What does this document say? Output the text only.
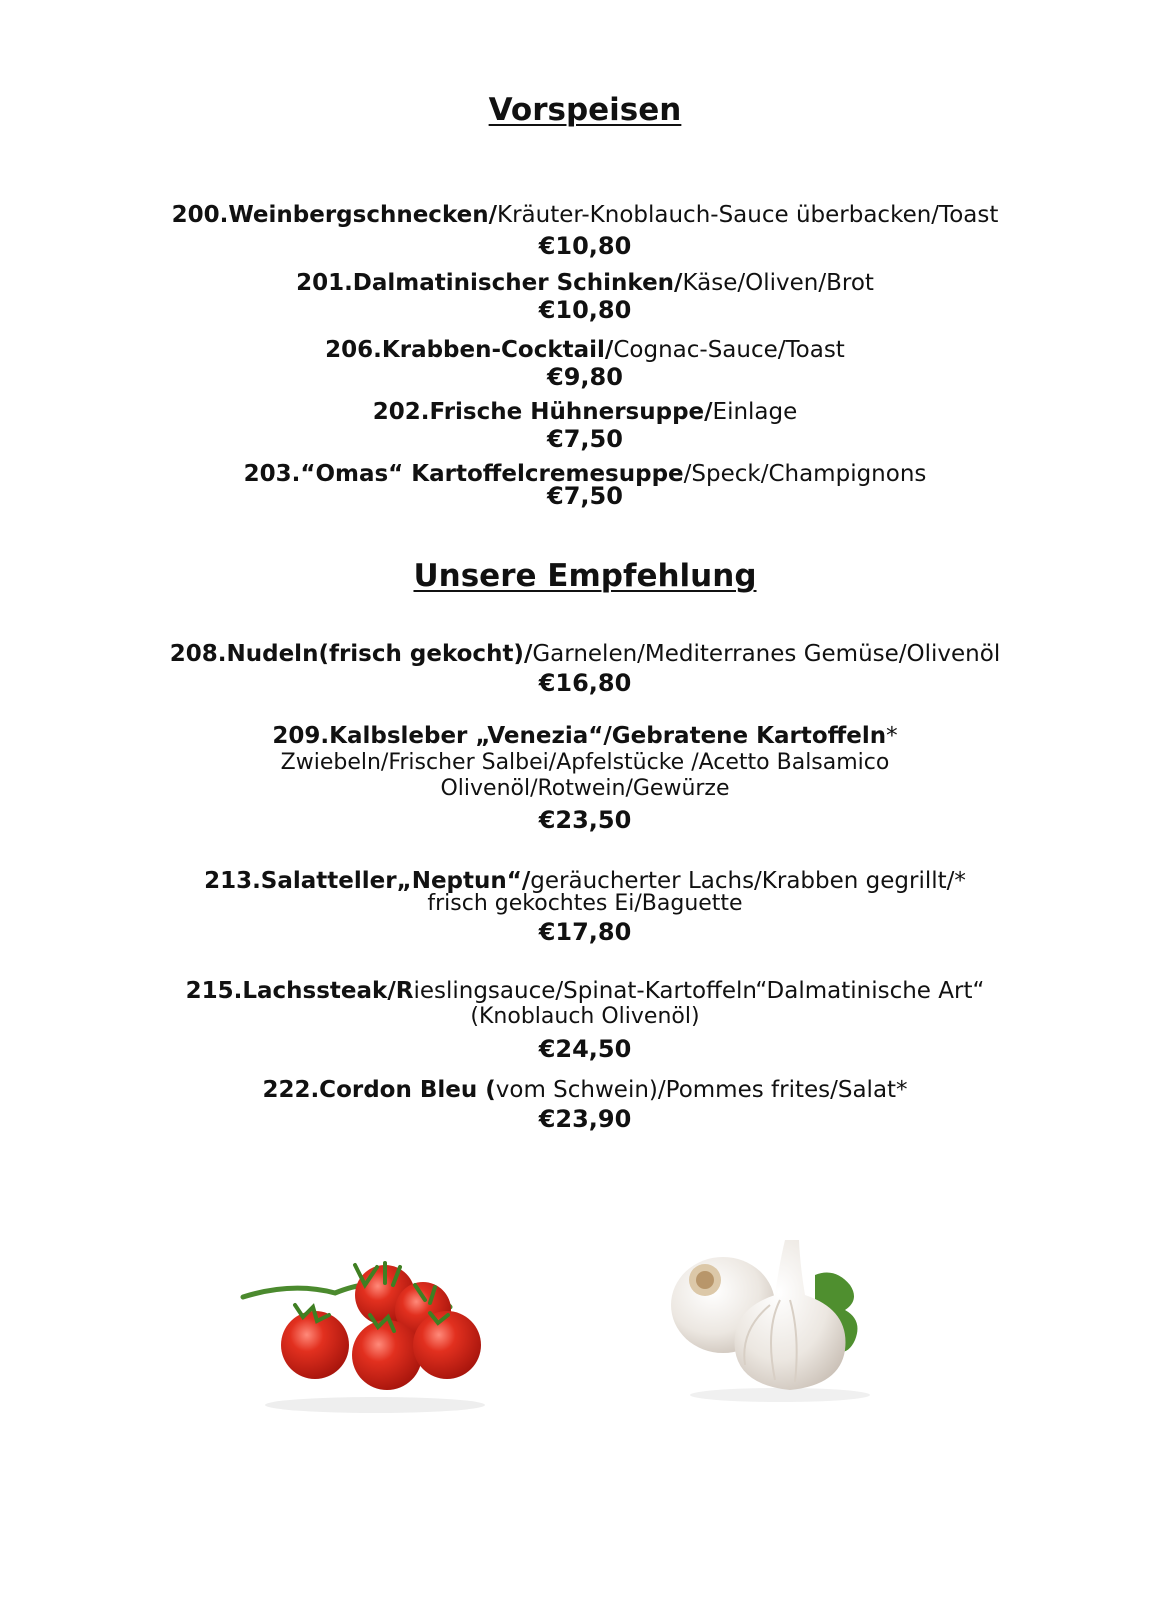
Vorspeisen
200.Weinbergschnecken/Kräuter-Knoblauch-Sauce überbacken/Toast
€10,80
201.Dalmatinischer Schinken/Käse/Oliven/Brot
€10,80
206.Krabben-Cocktail/Cognac-Sauce/Toast
€9,80
202.Frische Hühnersuppe/Einlage
€7,50
203.“Omas“ Kartoffelcremesuppe/Speck/Champignons
€7,50
Unsere Empfehlung
208.Nudeln(frisch gekocht)/Garnelen/Mediterranes Gemüse/Olivenöl
€16,80
209.Kalbsleber „Venezia“/Gebratene Kartoffeln*
Zwiebeln/Frischer Salbei/Apfelstücke /Acetto Balsamico
Olivenöl/Rotwein/Gewürze
€23,50
213.Salatteller„Neptun“/geräucherter Lachs/Krabben gegrillt/*
frisch gekochtes Ei/Baguette
€17,80
215.Lachssteak/Rieslingsauce/Spinat-Kartoffeln“Dalmatinische Art“
(Knoblauch Olivenöl)
€24,50
222.Cordon Bleu (vom Schwein)/Pommes frites/Salat*
€23,90
